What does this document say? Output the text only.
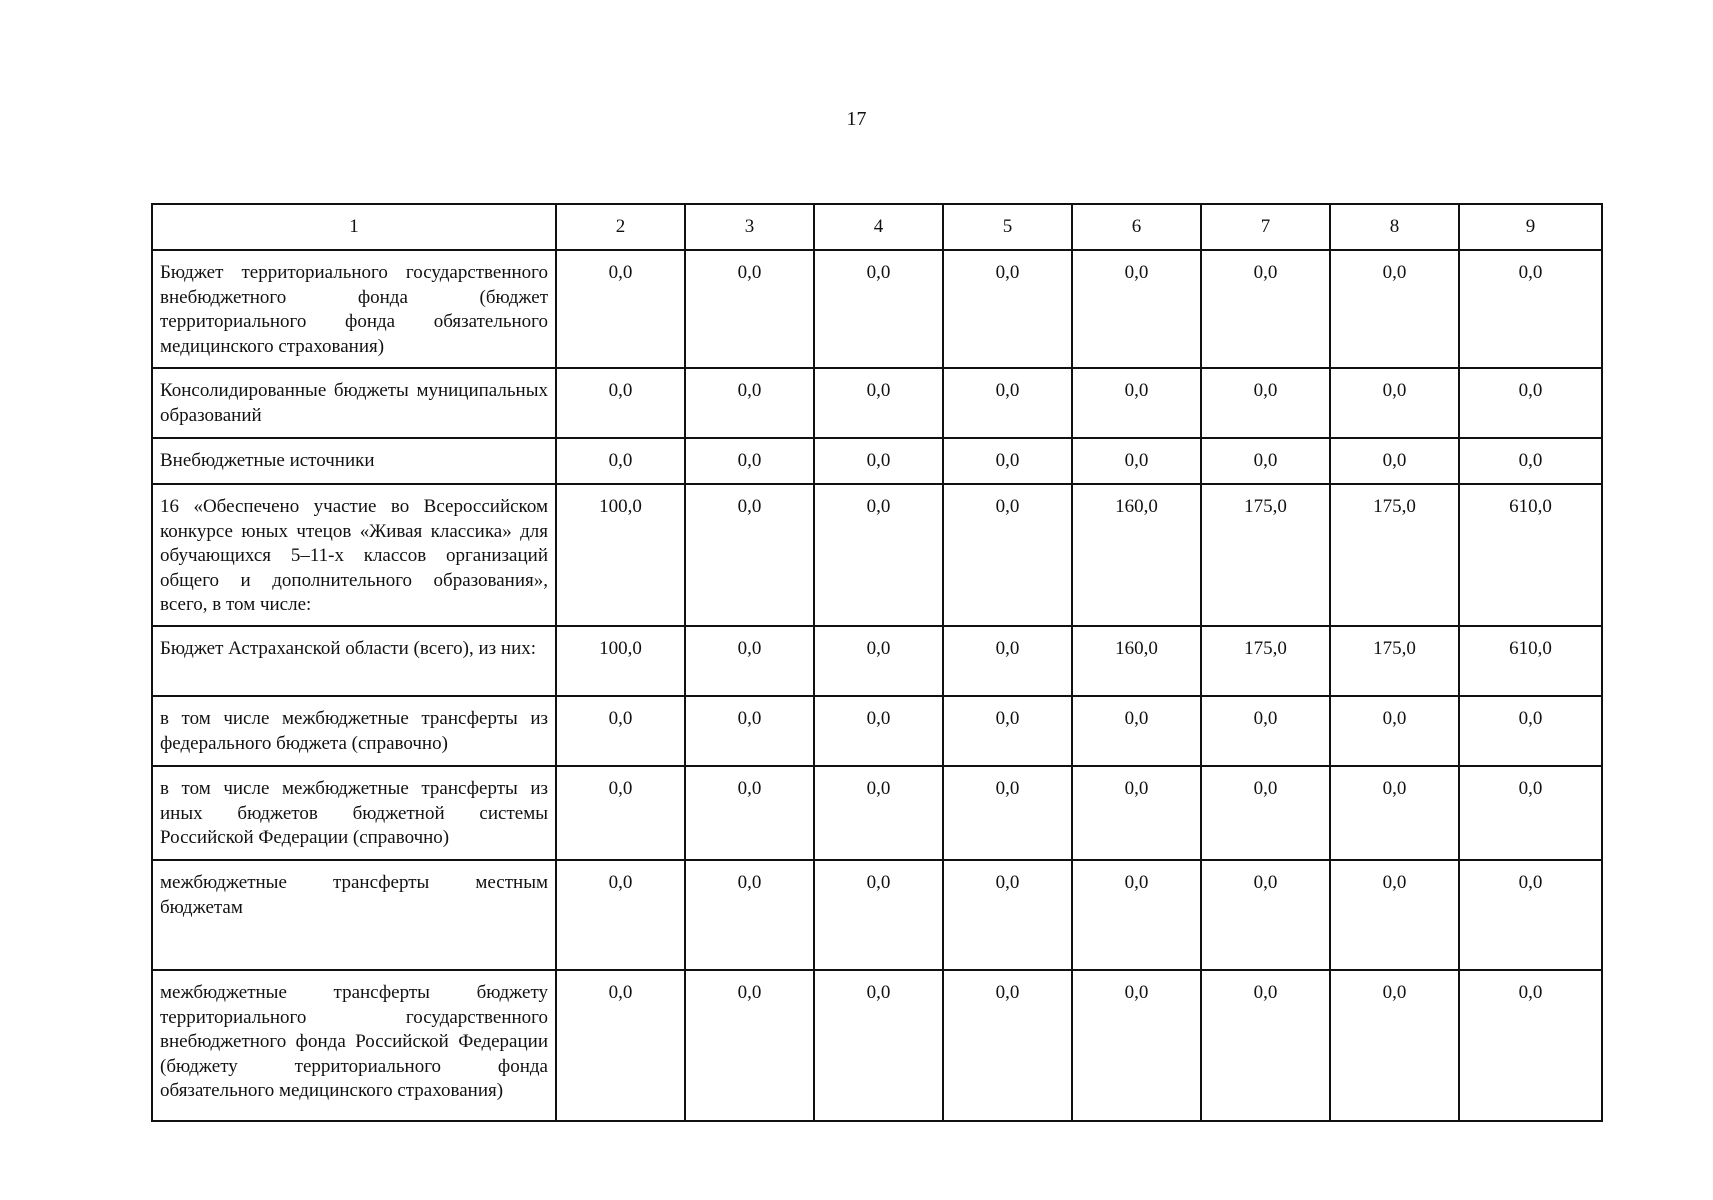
17
1	2	3	4	5	6	7	8	9
Бюджет территориального государственного внебюджетного фонда (бюджет территориального фонда обязательного медицинского страхования)	0,0	0,0	0,0	0,0	0,0	0,0	0,0	0,0
Консолидированные бюджеты муниципальных образований	0,0	0,0	0,0	0,0	0,0	0,0	0,0	0,0
Внебюджетные источники	0,0	0,0	0,0	0,0	0,0	0,0	0,0	0,0
16 «Обеспечено участие во Всероссийском конкурсе юных чтецов «Живая классика» для обучающихся 5–11-х классов организаций общего и дополнительного образования», всего, в том числе:	100,0	0,0	0,0	0,0	160,0	175,0	175,0	610,0
Бюджет Астраханской области (всего), из них:	100,0	0,0	0,0	0,0	160,0	175,0	175,0	610,0
в том числе межбюджетные трансферты из федерального бюджета (справочно)	0,0	0,0	0,0	0,0	0,0	0,0	0,0	0,0
в том числе межбюджетные трансферты из иных бюджетов бюджетной системы Российской Федерации (справочно)	0,0	0,0	0,0	0,0	0,0	0,0	0,0	0,0
межбюджетные трансферты местным бюджетам	0,0	0,0	0,0	0,0	0,0	0,0	0,0	0,0
межбюджетные трансферты бюджету территориального государственного внебюджетного фонда Российской Федерации (бюджету территориального фонда обязательного медицинского страхования)	0,0	0,0	0,0	0,0	0,0	0,0	0,0	0,0
